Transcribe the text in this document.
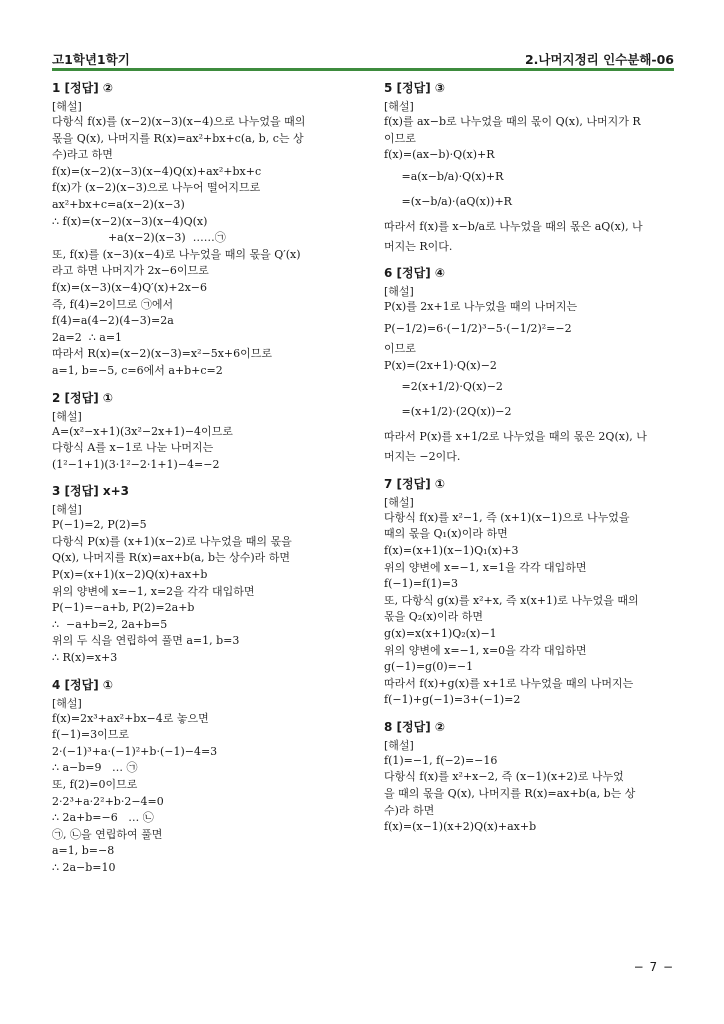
고1학년1학기	2.나머지정리 인수분해-06
1 [정답] ②
[해설]
다항식 f(x)를 (x−2)(x−3)(x−4)으로 나누었을 때의
몫을 Q(x), 나머지를 R(x)=ax²+bx+c(a, b, c는 상
수)라고 하면
f(x)=(x−2)(x−3)(x−4)Q(x)+ax²+bx+c
f(x)가 (x−2)(x−3)으로 나누어 떨어지므로
ax²+bx+c=a(x−2)(x−3)
∴ f(x)=(x−2)(x−3)(x−4)Q(x)
+a(x−2)(x−3)  ……㉠
또, f(x)를 (x−3)(x−4)로 나누었을 때의 몫을 Q′(x)
라고 하면 나머지가 2x−6이므로
f(x)=(x−3)(x−4)Q′(x)+2x−6
즉, f(4)=2이므로 ㉠에서
f(4)=a(4−2)(4−3)=2a
2a=2  ∴ a=1
따라서 R(x)=(x−2)(x−3)=x²−5x+6이므로
a=1, b=−5, c=6에서 a+b+c=2
2 [정답] ①
[해설]
A=(x²−x+1)(3x²−2x+1)−4이므로
다항식 A를 x−1로 나눈 나머지는
(1²−1+1)(3·1²−2·1+1)−4=−2
3 [정답] x+3
[해설]
P(−1)=2, P(2)=5
다항식 P(x)를 (x+1)(x−2)로 나누었을 때의 몫을
Q(x), 나머지를 R(x)=ax+b(a, b는 상수)라 하면
P(x)=(x+1)(x−2)Q(x)+ax+b
위의 양변에 x=−1, x=2을 각각 대입하면
P(−1)=−a+b, P(2)=2a+b
∴  −a+b=2, 2a+b=5
위의 두 식을 연립하여 풀면 a=1, b=3
∴ R(x)=x+3
4 [정답] ①
[해설]
f(x)=2x³+ax²+bx−4로 놓으면
f(−1)=3이므로
2·(−1)³+a·(−1)²+b·(−1)−4=3
∴ a−b=9   … ㉠
또, f(2)=0이므로
2·2³+a·2²+b·2−4=0
∴ 2a+b=−6   … ㉡
㉠, ㉡을 연립하여 풀면
a=1, b=−8
∴ 2a−b=10
5 [정답] ③
[해설]
f(x)를 ax−b로 나누었을 때의 몫이 Q(x), 나머지가 R
이므로
f(x)=(ax−b)·Q(x)+R
=a(x−b/a)·Q(x)+R
=(x−b/a)·(aQ(x))+R
따라서 f(x)를 x−b/a로 나누었을 때의 몫은 aQ(x), 나
머지는 R이다.
6 [정답] ④
[해설]
P(x)를 2x+1로 나누었을 때의 나머지는
P(−1/2)=6·(−1/2)³−5·(−1/2)²=−2
이므로
P(x)=(2x+1)·Q(x)−2
=2(x+1/2)·Q(x)−2
=(x+1/2)·(2Q(x))−2
따라서 P(x)를 x+1/2로 나누었을 때의 몫은 2Q(x), 나
머지는 −2이다.
7 [정답] ①
[해설]
다항식 f(x)를 x²−1, 즉 (x+1)(x−1)으로 나누었을
때의 몫을 Q₁(x)이라 하면
f(x)=(x+1)(x−1)Q₁(x)+3
위의 양변에 x=−1, x=1을 각각 대입하면
f(−1)=f(1)=3
또, 다항식 g(x)를 x²+x, 즉 x(x+1)로 나누었을 때의
몫을 Q₂(x)이라 하면
g(x)=x(x+1)Q₂(x)−1
위의 양변에 x=−1, x=0을 각각 대입하면
g(−1)=g(0)=−1
따라서 f(x)+g(x)를 x+1로 나누었을 때의 나머지는
f(−1)+g(−1)=3+(−1)=2
8 [정답] ②
[해설]
f(1)=−1, f(−2)=−16
다항식 f(x)를 x²+x−2, 즉 (x−1)(x+2)로 나누었
을 때의 몫을 Q(x), 나머지를 R(x)=ax+b(a, b는 상
수)라 하면
f(x)=(x−1)(x+2)Q(x)+ax+b
− 7 −
